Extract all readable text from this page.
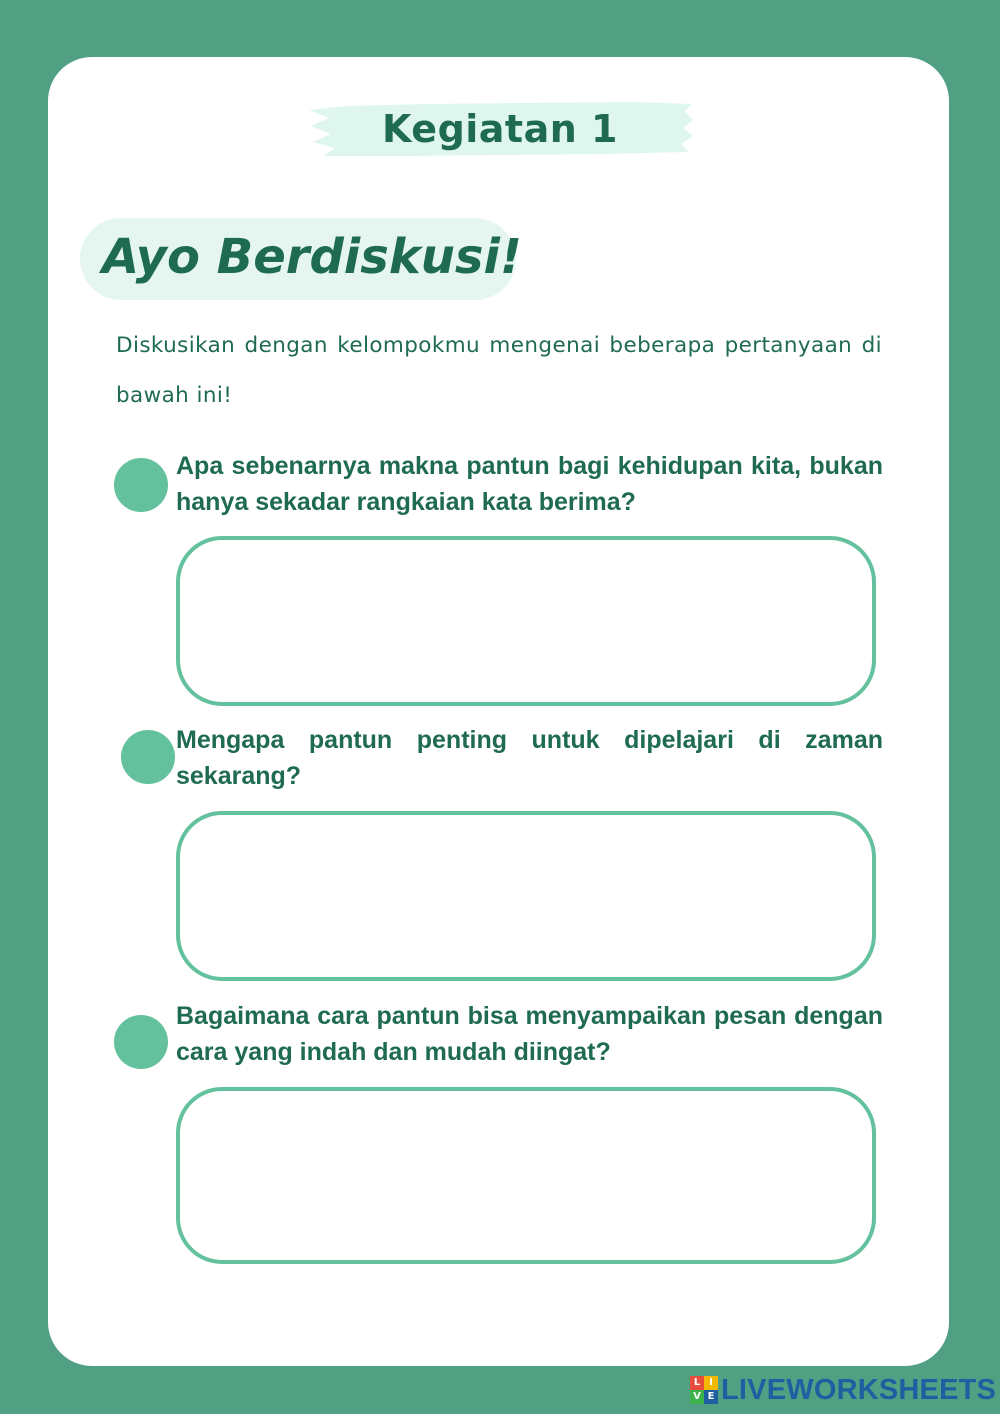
Kegiatan 1
Ayo Berdiskusi!

Diskusikan dengan kelompokmu mengenai beberapa pertanyaan di bawah ini!

Apa sebenarnya makna pantun bagi kehidupan kita, bukan hanya sekadar rangkaian kata berima?

Mengapa pantun penting untuk dipelajari di zaman sekarang?

Bagaimana cara pantun bisa menyampaikan pesan dengan cara yang indah dan mudah diingat?

L I
V E LIVEWORKSHEETS
